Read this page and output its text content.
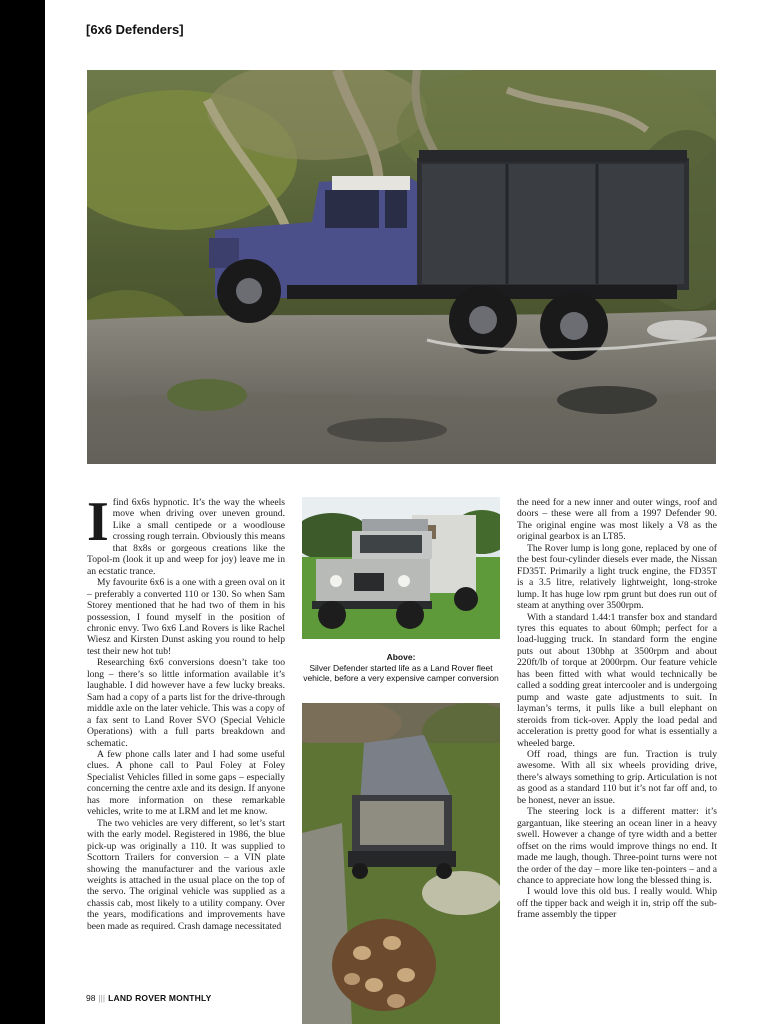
[6x6 Defenders]
I find 6x6s hypnotic. It’s the way the wheels move when driving over uneven ground. Like a small centipede or a woodlouse crossing rough terrain. Obviously this means that 8x8s or gorgeous creations like the Topol-m (look it up and weep for joy) leave me in an ecstatic trance.

My favourite 6x6 is a one with a green oval on it – preferably a converted 110 or 130. So when Sam Storey mentioned that he had two of them in his possession, I found myself in the position of chronic envy. Two 6x6 Land Rovers is like Rachel Wiesz and Kirsten Dunst asking you round to help test their new hot tub!

Researching 6x6 conversions doesn’t take too long – there’s so little information available it’s laughable. I did however have a few lucky breaks. Sam had a copy of a parts list for the drive-through middle axle on the later vehicle. This was a copy of a fax sent to Land Rover SVO (Special Vehicle Operations) with a full parts breakdown and schematic.

A few phone calls later and I had some useful clues. A phone call to Paul Foley at Foley Specialist Vehicles filled in some gaps – especially concerning the centre axle and its design. If anyone has more information on these remarkable vehicles, write to me at LRM and let me know.

The two vehicles are very different, so let’s start with the early model. Registered in 1986, the blue pick-up was originally a 110. It was supplied to Scottorn Trailers for conversion – a VIN plate showing the manufacturer and the various axle weights is attached in the usual place on the top of the servo. The original vehicle was supplied as a chassis cab, most likely to a utility company. Over the years, modifications and improvements have been made as required. Crash damage necessitated

Above:
Silver Defender started life as a Land Rover fleet vehicle, before a very expensive camper conversion

the need for a new inner and outer wings, roof and doors – these were all from a 1997 Defender 90. The original engine was most likely a V8 as the original gearbox is an LT85.

The Rover lump is long gone, replaced by one of the best four-cylinder diesels ever made, the Nissan FD35T. Primarily a light truck engine, the FD35T is a 3.5 litre, relatively lightweight, long-stroke lump. It has huge low rpm grunt but does run out of steam at anything over 3500rpm.

With a standard 1.44:1 transfer box and standard tyres this equates to about 60mph; perfect for a load-lugging truck. In standard form the engine puts out about 130bhp at 3500rpm and about 220ft/lb of torque at 2000rpm. Our feature vehicle has been fitted with what would technically be called a sodding great intercooler and is undergoing pump and waste gate adjustments to suit. In layman’s terms, it pulls like a bull elephant on steroids from tick-over. Apply the load pedal and acceleration is pretty good for what is essentially a wheeled barge.

Off road, things are fun. Traction is truly awesome. With all six wheels providing drive, there’s always something to grip. Articulation is not as good as a standard 110 but it’s not far off and, to be honest, never an issue.

The steering lock is a different matter: it’s gargantuan, like steering an ocean liner in a heavy swell. However a change of tyre width and a better offset on the rims would improve things no end. It made me laugh, though. Three-point turns were not the order of the day – more like ten-pointers – and a chance to appreciate how long the blessed thing is.

I would love this old bus. I really would. Whip off the tipper back and weigh it in, strip off the sub-frame assembly the tipper

98 ||| LAND ROVER MONTHLY
